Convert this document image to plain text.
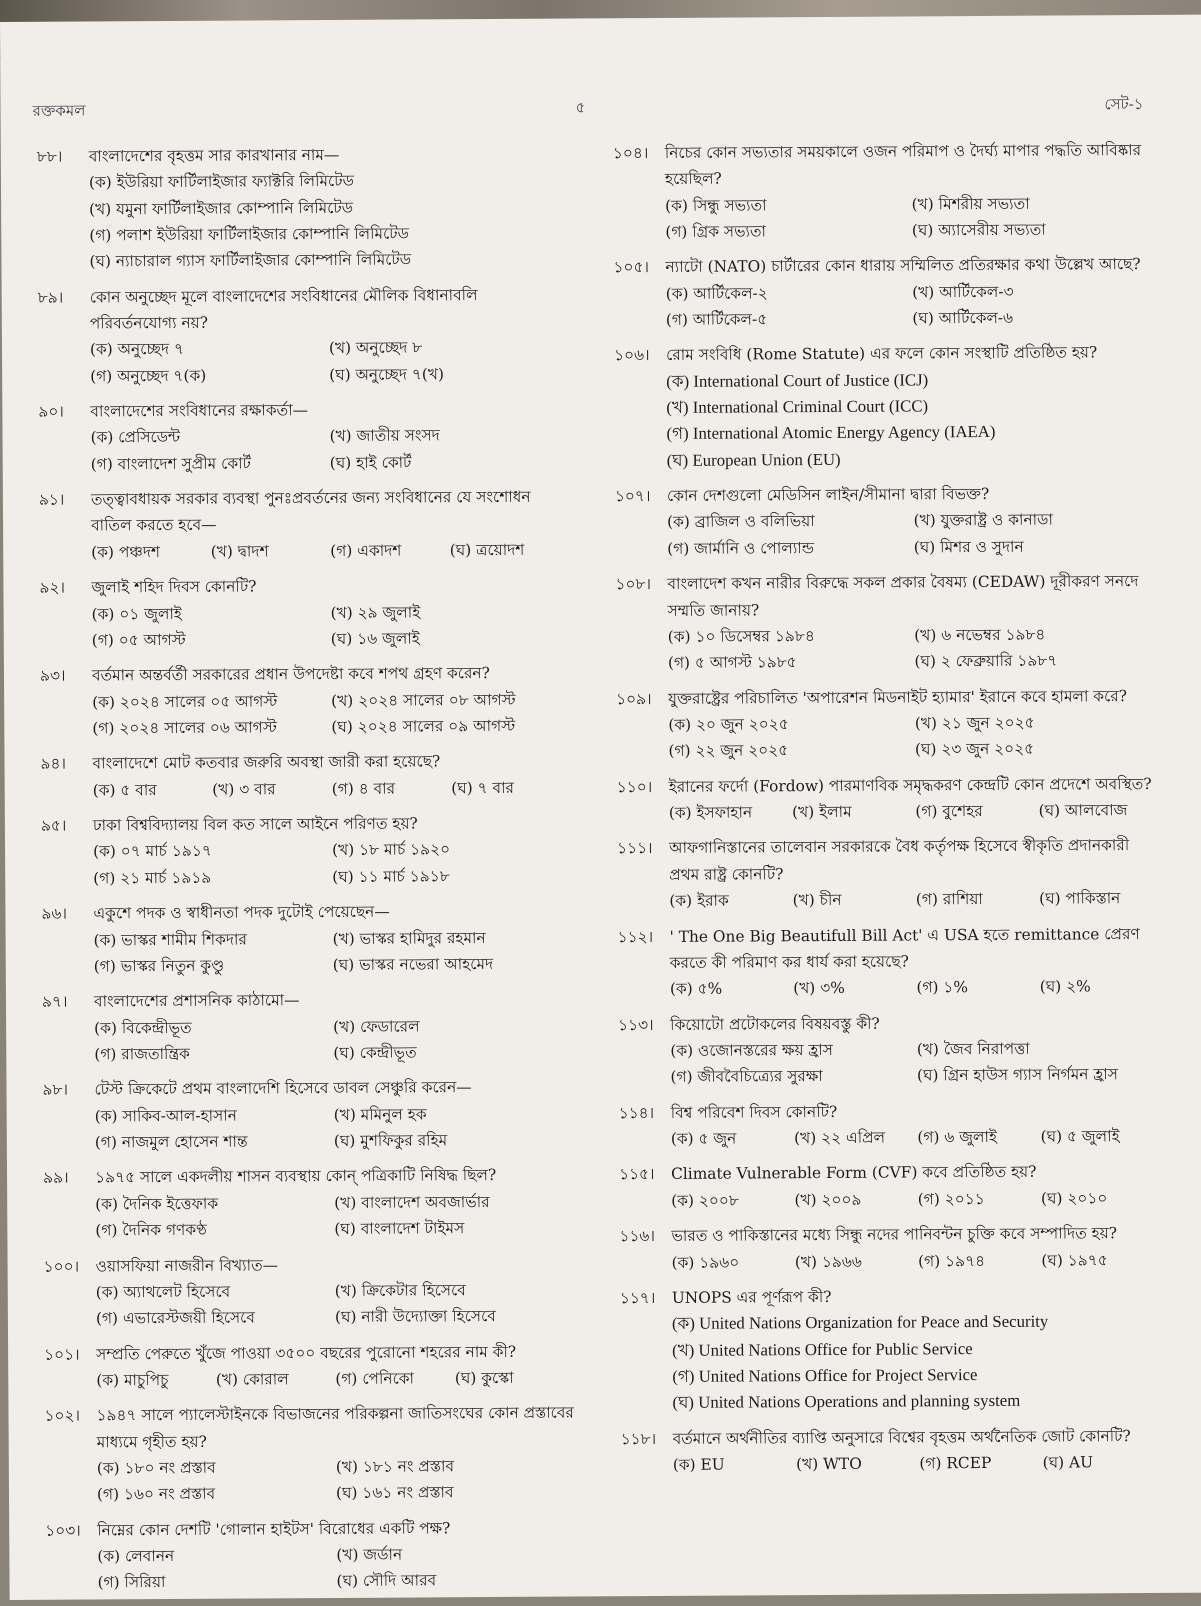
রক্তকমল	৫	সেট-১
৮৮।	বাংলাদেশের বৃহত্তম সার কারখানার নাম—
(ক) ইউরিয়া ফার্টিলাইজার ফ্যাক্টরি লিমিটেড
(খ) যমুনা ফার্টিলাইজার কোম্পানি লিমিটেড
(গ) পলাশ ইউরিয়া ফার্টিলাইজার কোম্পানি লিমিটেড
(ঘ) ন্যাচারাল গ্যাস ফার্টিলাইজার কোম্পানি লিমিটেড
৮৯।	কোন অনুচ্ছেদ মূলে বাংলাদেশের সংবিধানের মৌলিক বিধানাবলি পরিবর্তনযোগ্য নয়?
(ক) অনুচ্ছেদ ৭	(খ) অনুচ্ছেদ ৮
(গ) অনুচ্ছেদ ৭(ক)	(ঘ) অনুচ্ছেদ ৭(খ)
৯০।	বাংলাদেশের সংবিধানের রক্ষাকর্তা—
(ক) প্রেসিডেন্ট	(খ) জাতীয় সংসদ
(গ) বাংলাদেশ সুপ্রীম কোর্ট	(ঘ) হাই কোর্ট
৯১।	তত্ত্বাবধায়ক সরকার ব্যবস্থা পুনঃপ্রবর্তনের জন্য সংবিধানের যে সংশোধন বাতিল করতে হবে—
(ক) পঞ্চদশ	(খ) দ্বাদশ	(গ) একাদশ	(ঘ) ত্রয়োদশ
৯২।	জুলাই শহিদ দিবস কোনটি?
(ক) ০১ জুলাই	(খ) ২৯ জুলাই
(গ) ০৫ আগস্ট	(ঘ) ১৬ জুলাই
৯৩।	বর্তমান অন্তর্বর্তী সরকারের প্রধান উপদেষ্টা কবে শপথ গ্রহণ করেন?
(ক) ২০২৪ সালের ০৫ আগস্ট	(খ) ২০২৪ সালের ০৮ আগস্ট
(গ) ২০২৪ সালের ০৬ আগস্ট	(ঘ) ২০২৪ সালের ০৯ আগস্ট
৯৪।	বাংলাদেশে মোট কতবার জরুরি অবস্থা জারী করা হয়েছে?
(ক) ৫ বার	(খ) ৩ বার	(গ) ৪ বার	(ঘ) ৭ বার
৯৫।	ঢাকা বিশ্ববিদ্যালয় বিল কত সালে আইনে পরিণত হয়?
(ক) ০৭ মার্চ ১৯১৭	(খ) ১৮ মার্চ ১৯২০
(গ) ২১ মার্চ ১৯১৯	(ঘ) ১১ মার্চ ১৯১৮
৯৬।	একুশে পদক ও স্বাধীনতা পদক দুটোই পেয়েছেন—
(ক) ভাস্কর শামীম শিকদার	(খ) ভাস্কর হামিদুর রহমান
(গ) ভাস্কর নিতুন কুণ্ডু	(ঘ) ভাস্কর নভেরা আহমেদ
৯৭।	বাংলাদেশের প্রশাসনিক কাঠামো—
(ক) বিকেন্দ্রীভূত	(খ) ফেডারেল
(গ) রাজতান্ত্রিক	(ঘ) কেন্দ্রীভূত
৯৮।	টেস্ট ক্রিকেটে প্রথম বাংলাদেশি হিসেবে ডাবল সেঞ্চুরি করেন—
(ক) সাকিব-আল-হাসান	(খ) মমিনুল হক
(গ) নাজমুল হোসেন শান্ত	(ঘ) মুশফিকুর রহিম
৯৯।	১৯৭৫ সালে একদলীয় শাসন ব্যবস্থায় কোন্ পত্রিকাটি নিষিদ্ধ ছিল?
(ক) দৈনিক ইত্তেফাক	(খ) বাংলাদেশ অবজার্ভার
(গ) দৈনিক গণকণ্ঠ	(ঘ) বাংলাদেশ টাইমস
১০০।	ওয়াসফিয়া নাজরীন বিখ্যাত—
(ক) অ্যাথলেট হিসেবে	(খ) ক্রিকেটার হিসেবে
(গ) এভারেস্টজয়ী হিসেবে	(ঘ) নারী উদ্যোক্তা হিসেবে
১০১।	সম্প্রতি পেরুতে খুঁজে পাওয়া ৩৫০০ বছরের পুরোনো শহরের নাম কী?
(ক) মাচুপিচু	(খ) কোরাল	(গ) পেনিকো	(ঘ) কুস্কো
১০২।	১৯৪৭ সালে প্যালেস্টাইনকে বিভাজনের পরিকল্পনা জাতিসংঘের কোন প্রস্তাবের মাধ্যমে গৃহীত হয়?
(ক) ১৮০ নং প্রস্তাব	(খ) ১৮১ নং প্রস্তাব
(গ) ১৬০ নং প্রস্তাব	(ঘ) ১৬১ নং প্রস্তাব
১০৩।	নিম্নের কোন দেশটি 'গোলান হাইটস' বিরোধের একটি পক্ষ?
(ক) লেবানন	(খ) জর্ডান
(গ) সিরিয়া	(ঘ) সৌদি আরব
১০৪।	নিচের কোন সভ্যতার সময়কালে ওজন পরিমাপ ও দৈর্ঘ্য মাপার পদ্ধতি আবিষ্কার হয়েছিল?
(ক) সিন্ধু সভ্যতা	(খ) মিশরীয় সভ্যতা
(গ) গ্রিক সভ্যতা	(ঘ) অ্যাসেরীয় সভ্যতা
১০৫।	ন্যাটো (NATO) চার্টারের কোন ধারায় সম্মিলিত প্রতিরক্ষার কথা উল্লেখ আছে?
(ক) আর্টিকেল-২	(খ) আর্টিকেল-৩
(গ) আর্টিকেল-৫	(ঘ) আর্টিকেল-৬
১০৬।	রোম সংবিধি (Rome Statute) এর ফলে কোন সংস্থাটি প্রতিষ্ঠিত হয়?
(ক) International Court of Justice (ICJ)
(খ) International Criminal Court (ICC)
(গ) International Atomic Energy Agency (IAEA)
(ঘ) European Union (EU)
১০৭।	কোন দেশগুলো মেডিসিন লাইন/সীমানা দ্বারা বিভক্ত?
(ক) ব্রাজিল ও বলিভিয়া	(খ) যুক্তরাষ্ট্র ও কানাডা
(গ) জার্মানি ও পোল্যান্ড	(ঘ) মিশর ও সুদান
১০৮।	বাংলাদেশ কখন নারীর বিরুদ্ধে সকল প্রকার বৈষম্য (CEDAW) দূরীকরণ সনদে সম্মতি জানায়?
(ক) ১০ ডিসেম্বর ১৯৮৪	(খ) ৬ নভেম্বর ১৯৮৪
(গ) ৫ আগস্ট ১৯৮৫	(ঘ) ২ ফেব্রুয়ারি ১৯৮৭
১০৯।	যুক্তরাষ্ট্রের পরিচালিত 'অপারেশন মিডনাইট হ্যামার' ইরানে কবে হামলা করে?
(ক) ২০ জুন ২০২৫	(খ) ২১ জুন ২০২৫
(গ) ২২ জুন ২০২৫	(ঘ) ২৩ জুন ২০২৫
১১০।	ইরানের ফর্দো (Fordow) পারমাণবিক সমৃদ্ধকরণ কেন্দ্রটি কোন প্রদেশে অবস্থিত?
(ক) ইসফাহান	(খ) ইলাম	(গ) বুশেহর	(ঘ) আলবোজ
১১১।	আফগানিস্তানের তালেবান সরকারকে বৈধ কর্তৃপক্ষ হিসেবে স্বীকৃতি প্রদানকারী প্রথম রাষ্ট্র কোনটি?
(ক) ইরাক	(খ) চীন	(গ) রাশিয়া	(ঘ) পাকিস্তান
১১২।	' The One Big Beautifull Bill Act' এ USA হতে remittance প্রেরণ করতে কী পরিমাণ কর ধার্য করা হয়েছে?
(ক) ৫%	(খ) ৩%	(গ) ১%	(ঘ) ২%
১১৩।	কিয়োটো প্রটোকলের বিষয়বস্তু কী?
(ক) ওজোনস্তরের ক্ষয় হ্রাস	(খ) জৈব নিরাপত্তা
(গ) জীববৈচিত্র্যের সুরক্ষা	(ঘ) গ্রিন হাউস গ্যাস নির্গমন হ্রাস
১১৪।	বিশ্ব পরিবেশ দিবস কোনটি?
(ক) ৫ জুন	(খ) ২২ এপ্রিল	(গ) ৬ জুলাই	(ঘ) ৫ জুলাই
১১৫।	Climate Vulnerable Form (CVF) কবে প্রতিষ্ঠিত হয়?
(ক) ২০০৮	(খ) ২০০৯	(গ) ২০১১	(ঘ) ২০১০
১১৬।	ভারত ও পাকিস্তানের মধ্যে সিন্ধু নদের পানিবন্টন চুক্তি কবে সম্পাদিত হয়?
(ক) ১৯৬০	(খ) ১৯৬৬	(গ) ১৯৭৪	(ঘ) ১৯৭৫
১১৭।	UNOPS এর পূর্ণরূপ কী?
(ক) United Nations Organization for Peace and Security
(খ) United Nations Office for Public Service
(গ) United Nations Office for Project Service
(ঘ) United Nations Operations and planning system
১১৮।	বর্তমানে অর্থনীতির ব্যাপ্তি অনুসারে বিশ্বের বৃহত্তম অর্থনৈতিক জোট কোনটি?
(ক) EU	(খ) WTO	(গ) RCEP	(ঘ) AU
